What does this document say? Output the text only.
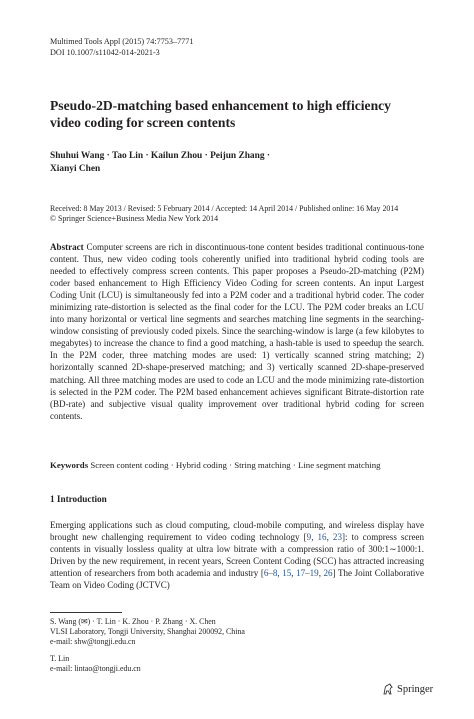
Multimed Tools Appl (2015) 74:7753–7771
DOI 10.1007/s11042-014-2021-3
Pseudo-2D-matching based enhancement to high efficiency
video coding for screen contents
Shuhui Wang · Tao Lin · Kailun Zhou · Peijun Zhang ·
Xianyi Chen
Received: 8 May 2013 / Revised: 5 February 2014 / Accepted: 14 April 2014 / Published online: 16 May 2014
© Springer Science+Business Media New York 2014
Abstract Computer screens are rich in discontinuous-tone content besides traditional continuous-tone content. Thus, new video coding tools coherently unified into traditional hybrid coding tools are needed to effectively compress screen contents. This paper proposes a Pseudo-2D-matching (P2M) coder based enhancement to High Efficiency Video Coding for screen contents. An input Largest Coding Unit (LCU) is simultaneously fed into a P2M coder and a traditional hybrid coder. The coder minimizing rate-distortion is selected as the final coder for the LCU. The P2M coder breaks an LCU into many horizontal or vertical line segments and searches matching line segments in the searching-window consisting of previously coded pixels. Since the searching-window is large (a few kilobytes to megabytes) to increase the chance to find a good matching, a hash-table is used to speedup the search. In the P2M coder, three matching modes are used: 1) vertically scanned string matching; 2) horizontally scanned 2D-shape-preserved matching; and 3) vertically scanned 2D-shape-preserved matching. All three matching modes are used to code an LCU and the mode minimizing rate-distortion is selected in the P2M coder. The P2M based enhancement achieves significant Bitrate-distortion rate (BD-rate) and subjective visual quality improvement over traditional hybrid coding for screen contents.
Keywords Screen content coding · Hybrid coding · String matching · Line segment matching
1 Introduction
Emerging applications such as cloud computing, cloud-mobile computing, and wireless display have brought new challenging requirement to video coding technology [9, 16, 23]: to compress screen contents in visually lossless quality at ultra low bitrate with a compression ratio of 300:1∼1000:1. Driven by the new requirement, in recent years, Screen Content Coding (SCC) has attracted increasing attention of researchers from both academia and industry [6–8, 15, 17–19, 26] The Joint Collaborative Team on Video Coding (JCTVC)
S. Wang (✉) · T. Lin · K. Zhou · P. Zhang · X. Chen
VLSI Laboratory, Tongji University, Shanghai 200092, China
e-mail: shw@tongji.edu.cn
T. Lin
e-mail: lintao@tongji.edu.cn
Springer
